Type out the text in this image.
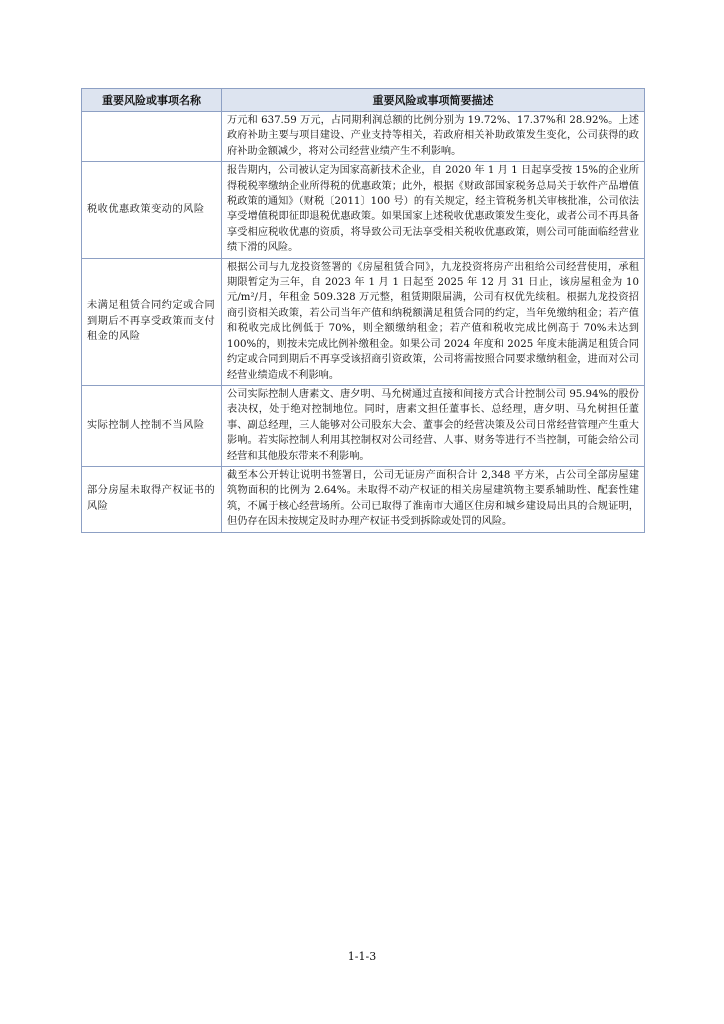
重要风险或事项名称	重要风险或事项简要描述
	万元和 637.59 万元，占同期利润总额的比例分别为 19.72%、17.37%和 28.92%。上述政府补助主要与项目建设、产业支持等相关，若政府相关补助政策发生变化，公司获得的政府补助金额减少，将对公司经营业绩产生不利影响。
税收优惠政策变动的风险	报告期内，公司被认定为国家高新技术企业，自 2020 年 1 月 1 日起享受按 15%的企业所得税税率缴纳企业所得税的优惠政策；此外，根据《财政部国家税务总局关于软件产品增值税政策的通知》（财税〔2011〕100 号）的有关规定，经主管税务机关审核批准，公司依法享受增值税即征即退税优惠政策。如果国家上述税收优惠政策发生变化，或者公司不再具备享受相应税收优惠的资质，将导致公司无法享受相关税收优惠政策，则公司可能面临经营业绩下滑的风险。
未满足租赁合同约定或合同到期后不再享受政策而支付租金的风险	根据公司与九龙投资签署的《房屋租赁合同》，九龙投资将房产出租给公司经营使用，承租期限暂定为三年，自 2023 年 1 月 1 日起至 2025 年 12 月 31 日止，该房屋租金为 10 元/m²/月，年租金 509.328 万元整，租赁期限届满，公司有权优先续租。根据九龙投资招商引资相关政策，若公司当年产值和纳税额满足租赁合同的约定，当年免缴纳租金；若产值和税收完成比例低于 70%，则全额缴纳租金；若产值和税收完成比例高于 70%未达到 100%的，则按未完成比例补缴租金。如果公司 2024 年度和 2025 年度未能满足租赁合同约定或合同到期后不再享受该招商引资政策，公司将需按照合同要求缴纳租金，进而对公司经营业绩造成不利影响。
实际控制人控制不当风险	公司实际控制人唐素文、唐夕明、马允树通过直接和间接方式合计控制公司 95.94%的股份表决权，处于绝对控制地位。同时，唐素文担任董事长、总经理，唐夕明、马允树担任董事、副总经理，三人能够对公司股东大会、董事会的经营决策及公司日常经营管理产生重大影响。若实际控制人利用其控制权对公司经营、人事、财务等进行不当控制，可能会给公司经营和其他股东带来不利影响。
部分房屋未取得产权证书的风险	截至本公开转让说明书签署日，公司无证房产面积合计 2,348 平方米，占公司全部房屋建筑物面积的比例为 2.64%。未取得不动产权证的相关房屋建筑物主要系辅助性、配套性建筑，不属于核心经营场所。公司已取得了淮南市大通区住房和城乡建设局出具的合规证明，但仍存在因未按规定及时办理产权证书受到拆除或处罚的风险。
1-1-3
